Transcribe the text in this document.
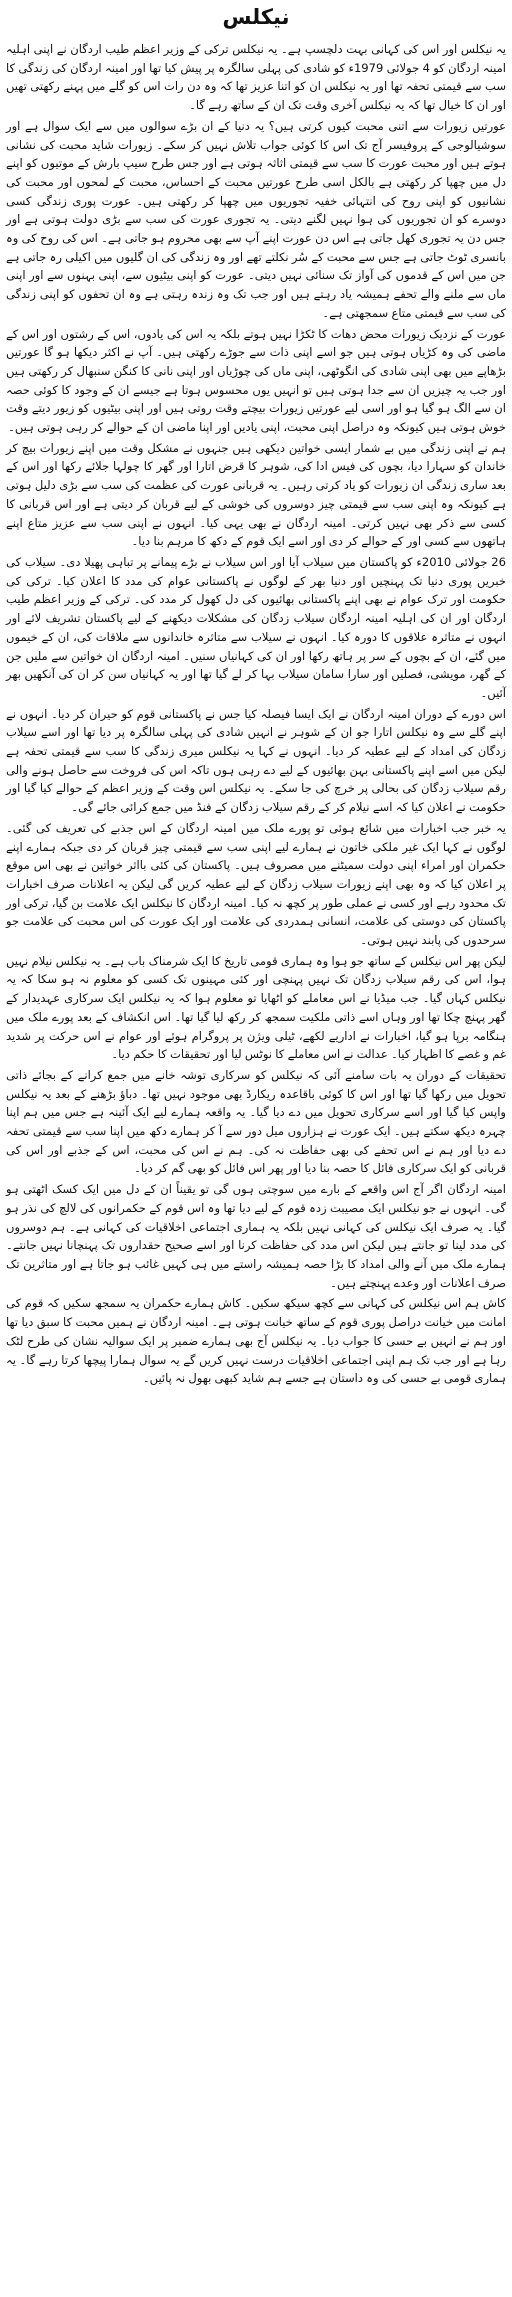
نیکلس

یہ نیکلس اور اس کی کہانی بہت دلچسپ ہے۔ یہ نیکلس ترکی کے وزیر اعظم طیب اردگان نے اپنی اہلیہ امینہ اردگان کو 4 جولائی 1979ء کو شادی کی پہلی سالگرہ پر پیش کیا تھا اور امینہ اردگان کی زندگی کا سب سے قیمتی تحفہ تھا اور یہ نیکلس ان کو اتنا عزیز تھا کہ وہ دن رات اس کو گلے میں پہنے رکھتی تھیں اور ان کا خیال تھا کہ یہ نیکلس آخری وقت تک ان کے ساتھ رہے گا۔

عورتیں زیورات سے اتنی محبت کیوں کرتی ہیں؟ یہ دنیا کے ان بڑے سوالوں میں سے ایک سوال ہے اور سوشیالوجی کے پروفیسر آج تک اس کا کوئی جواب تلاش نہیں کر سکے۔ زیورات شاید محبت کی نشانی ہوتے ہیں اور محبت عورت کا سب سے قیمتی اثاثہ ہوتی ہے اور جس طرح سیپ بارش کے موتیوں کو اپنے دل میں چھپا کر رکھتی ہے بالکل اسی طرح عورتیں محبت کے احساس، محبت کے لمحوں اور محبت کی نشانیوں کو اپنی روح کی انتہائی خفیہ تجوریوں میں چھپا کر رکھتی ہیں۔ عورت پوری زندگی کسی دوسرے کو ان تجوریوں کی ہوا نہیں لگنے دیتی۔ یہ تجوری عورت کی سب سے بڑی دولت ہوتی ہے اور جس دن یہ تجوری کھل جاتی ہے اس دن عورت اپنے آپ سے بھی محروم ہو جاتی ہے۔ اس کی روح کی وہ بانسری ٹوٹ جاتی ہے جس سے محبت کے سُر نکلتے تھے اور وہ زندگی کی ان گلیوں میں اکیلی رہ جاتی ہے جن میں اس کے قدموں کی آواز تک سنائی نہیں دیتی۔ عورت کو اپنی بیٹیوں سے، اپنی بہنوں سے اور اپنی ماں سے ملنے والے تحفے ہمیشہ یاد رہتے ہیں اور جب تک وہ زندہ رہتی ہے وہ ان تحفوں کو اپنی زندگی کی سب سے قیمتی متاع سمجھتی ہے۔

عورت کے نزدیک زیورات محض دھات کا ٹکڑا نہیں ہوتے بلکہ یہ اس کی یادوں، اس کے رشتوں اور اس کے ماضی کی وہ کڑیاں ہوتی ہیں جو اسے اپنی ذات سے جوڑے رکھتی ہیں۔ آپ نے اکثر دیکھا ہو گا عورتیں بڑھاپے میں بھی اپنی شادی کی انگوٹھی، اپنی ماں کی چوڑیاں اور اپنی نانی کا کنگن سنبھال کر رکھتی ہیں اور جب یہ چیزیں ان سے جدا ہوتی ہیں تو انہیں یوں محسوس ہوتا ہے جیسے ان کے وجود کا کوئی حصہ ان سے الگ ہو گیا ہو اور اسی لیے عورتیں زیورات بیچتے وقت روتی ہیں اور اپنی بیٹیوں کو زیور دیتے وقت خوش ہوتی ہیں کیونکہ وہ دراصل اپنی محبت، اپنی یادیں اور اپنا ماضی ان کے حوالے کر رہی ہوتی ہیں۔

ہم نے اپنی زندگی میں بے شمار ایسی خواتین دیکھی ہیں جنہوں نے مشکل وقت میں اپنے زیورات بیچ کر خاندان کو سہارا دیا، بچوں کی فیس ادا کی، شوہر کا قرض اتارا اور گھر کا چولہا جلائے رکھا اور اس کے بعد ساری زندگی ان زیورات کو یاد کرتی رہیں۔ یہ قربانی عورت کی عظمت کی سب سے بڑی دلیل ہوتی ہے کیونکہ وہ اپنی سب سے قیمتی چیز دوسروں کی خوشی کے لیے قربان کر دیتی ہے اور اس قربانی کا کسی سے ذکر بھی نہیں کرتی۔ امینہ اردگان نے بھی یہی کیا۔ انہوں نے اپنی سب سے عزیز متاع اپنے ہاتھوں سے کسی اور کے حوالے کر دی اور اسے ایک قوم کے دکھ کا مرہم بنا دیا۔

26 جولائی 2010ء کو پاکستان میں سیلاب آیا اور اس سیلاب نے بڑے پیمانے پر تباہی پھیلا دی۔ سیلاب کی خبریں پوری دنیا تک پہنچیں اور دنیا بھر کے لوگوں نے پاکستانی عوام کی مدد کا اعلان کیا۔ ترکی کی حکومت اور ترک عوام نے بھی اپنے پاکستانی بھائیوں کی دل کھول کر مدد کی۔ ترکی کے وزیر اعظم طیب اردگان اور ان کی اہلیہ امینہ اردگان سیلاب زدگان کی مشکلات دیکھنے کے لیے پاکستان تشریف لائے اور انہوں نے متاثرہ علاقوں کا دورہ کیا۔ انہوں نے سیلاب سے متاثرہ خاندانوں سے ملاقات کی، ان کے خیموں میں گئے، ان کے بچوں کے سر پر ہاتھ رکھا اور ان کی کہانیاں سنیں۔ امینہ اردگان ان خواتین سے ملیں جن کے گھر، مویشی، فصلیں اور سارا سامان سیلاب بہا کر لے گیا تھا اور یہ کہانیاں سن کر ان کی آنکھیں بھر آئیں۔

اس دورے کے دوران امینہ اردگان نے ایک ایسا فیصلہ کیا جس نے پاکستانی قوم کو حیران کر دیا۔ انہوں نے اپنے گلے سے وہ نیکلس اتارا جو ان کے شوہر نے انہیں شادی کی پہلی سالگرہ پر دیا تھا اور اسے سیلاب زدگان کی امداد کے لیے عطیہ کر دیا۔ انہوں نے کہا یہ نیکلس میری زندگی کا سب سے قیمتی تحفہ ہے لیکن میں اسے اپنے پاکستانی بہن بھائیوں کے لیے دے رہی ہوں تاکہ اس کی فروخت سے حاصل ہونے والی رقم سیلاب زدگان کی بحالی پر خرچ کی جا سکے۔ یہ نیکلس اس وقت کے وزیر اعظم کے حوالے کیا گیا اور حکومت نے اعلان کیا کہ اسے نیلام کر کے رقم سیلاب زدگان کے فنڈ میں جمع کرائی جائے گی۔

یہ خبر جب اخبارات میں شائع ہوئی تو پورے ملک میں امینہ اردگان کے اس جذبے کی تعریف کی گئی۔ لوگوں نے کہا ایک غیر ملکی خاتون نے ہمارے لیے اپنی سب سے قیمتی چیز قربان کر دی جبکہ ہمارے اپنے حکمران اور امراء اپنی دولت سمیٹنے میں مصروف ہیں۔ پاکستان کی کئی بااثر خواتین نے بھی اس موقع پر اعلان کیا کہ وہ بھی اپنے زیورات سیلاب زدگان کے لیے عطیہ کریں گی لیکن یہ اعلانات صرف اخبارات تک محدود رہے اور کسی نے عملی طور پر کچھ نہ کیا۔ امینہ اردگان کا نیکلس ایک علامت بن گیا، ترکی اور پاکستان کی دوستی کی علامت، انسانی ہمدردی کی علامت اور ایک عورت کی اس محبت کی علامت جو سرحدوں کی پابند نہیں ہوتی۔

لیکن پھر اس نیکلس کے ساتھ جو ہوا وہ ہماری قومی تاریخ کا ایک شرمناک باب ہے۔ یہ نیکلس نیلام نہیں ہوا، اس کی رقم سیلاب زدگان تک نہیں پہنچی اور کئی مہینوں تک کسی کو معلوم نہ ہو سکا کہ یہ نیکلس کہاں گیا۔ جب میڈیا نے اس معاملے کو اٹھایا تو معلوم ہوا کہ یہ نیکلس ایک سرکاری عہدیدار کے گھر پہنچ چکا تھا اور وہاں اسے ذاتی ملکیت سمجھ کر رکھ لیا گیا تھا۔ اس انکشاف کے بعد پورے ملک میں ہنگامہ برپا ہو گیا، اخبارات نے اداریے لکھے، ٹیلی ویژن پر پروگرام ہوئے اور عوام نے اس حرکت پر شدید غم و غصے کا اظہار کیا۔ عدالت نے اس معاملے کا نوٹس لیا اور تحقیقات کا حکم دیا۔

تحقیقات کے دوران یہ بات سامنے آئی کہ نیکلس کو سرکاری توشہ خانے میں جمع کرانے کے بجائے ذاتی تحویل میں رکھا گیا تھا اور اس کا کوئی باقاعدہ ریکارڈ بھی موجود نہیں تھا۔ دباؤ بڑھنے کے بعد یہ نیکلس واپس کیا گیا اور اسے سرکاری تحویل میں دے دیا گیا۔ یہ واقعہ ہمارے لیے ایک آئینہ ہے جس میں ہم اپنا چہرہ دیکھ سکتے ہیں۔ ایک عورت نے ہزاروں میل دور سے آ کر ہمارے دکھ میں اپنا سب سے قیمتی تحفہ دے دیا اور ہم نے اس تحفے کی بھی حفاظت نہ کی۔ ہم نے اس کی محبت، اس کے جذبے اور اس کی قربانی کو ایک سرکاری فائل کا حصہ بنا دیا اور پھر اس فائل کو بھی گم کر دیا۔

امینہ اردگان اگر آج اس واقعے کے بارے میں سوچتی ہوں گی تو یقیناً ان کے دل میں ایک کسک اٹھتی ہو گی۔ انہوں نے جو نیکلس ایک مصیبت زدہ قوم کے لیے دیا تھا وہ اس قوم کے حکمرانوں کی لالچ کی نذر ہو گیا۔ یہ صرف ایک نیکلس کی کہانی نہیں بلکہ یہ ہماری اجتماعی اخلاقیات کی کہانی ہے۔ ہم دوسروں کی مدد لینا تو جانتے ہیں لیکن اس مدد کی حفاظت کرنا اور اسے صحیح حقداروں تک پہنچانا نہیں جانتے۔ ہمارے ملک میں آنے والی امداد کا بڑا حصہ ہمیشہ راستے میں ہی کہیں غائب ہو جاتا ہے اور متاثرین تک صرف اعلانات اور وعدے پہنچتے ہیں۔

کاش ہم اس نیکلس کی کہانی سے کچھ سیکھ سکیں۔ کاش ہمارے حکمران یہ سمجھ سکیں کہ قوم کی امانت میں خیانت دراصل پوری قوم کے ساتھ خیانت ہوتی ہے۔ امینہ اردگان نے ہمیں محبت کا سبق دیا تھا اور ہم نے انہیں بے حسی کا جواب دیا۔ یہ نیکلس آج بھی ہمارے ضمیر پر ایک سوالیہ نشان کی طرح لٹک رہا ہے اور جب تک ہم اپنی اجتماعی اخلاقیات درست نہیں کریں گے یہ سوال ہمارا پیچھا کرتا رہے گا۔ یہ ہماری قومی بے حسی کی وہ داستان ہے جسے ہم شاید کبھی بھول نہ پائیں۔
